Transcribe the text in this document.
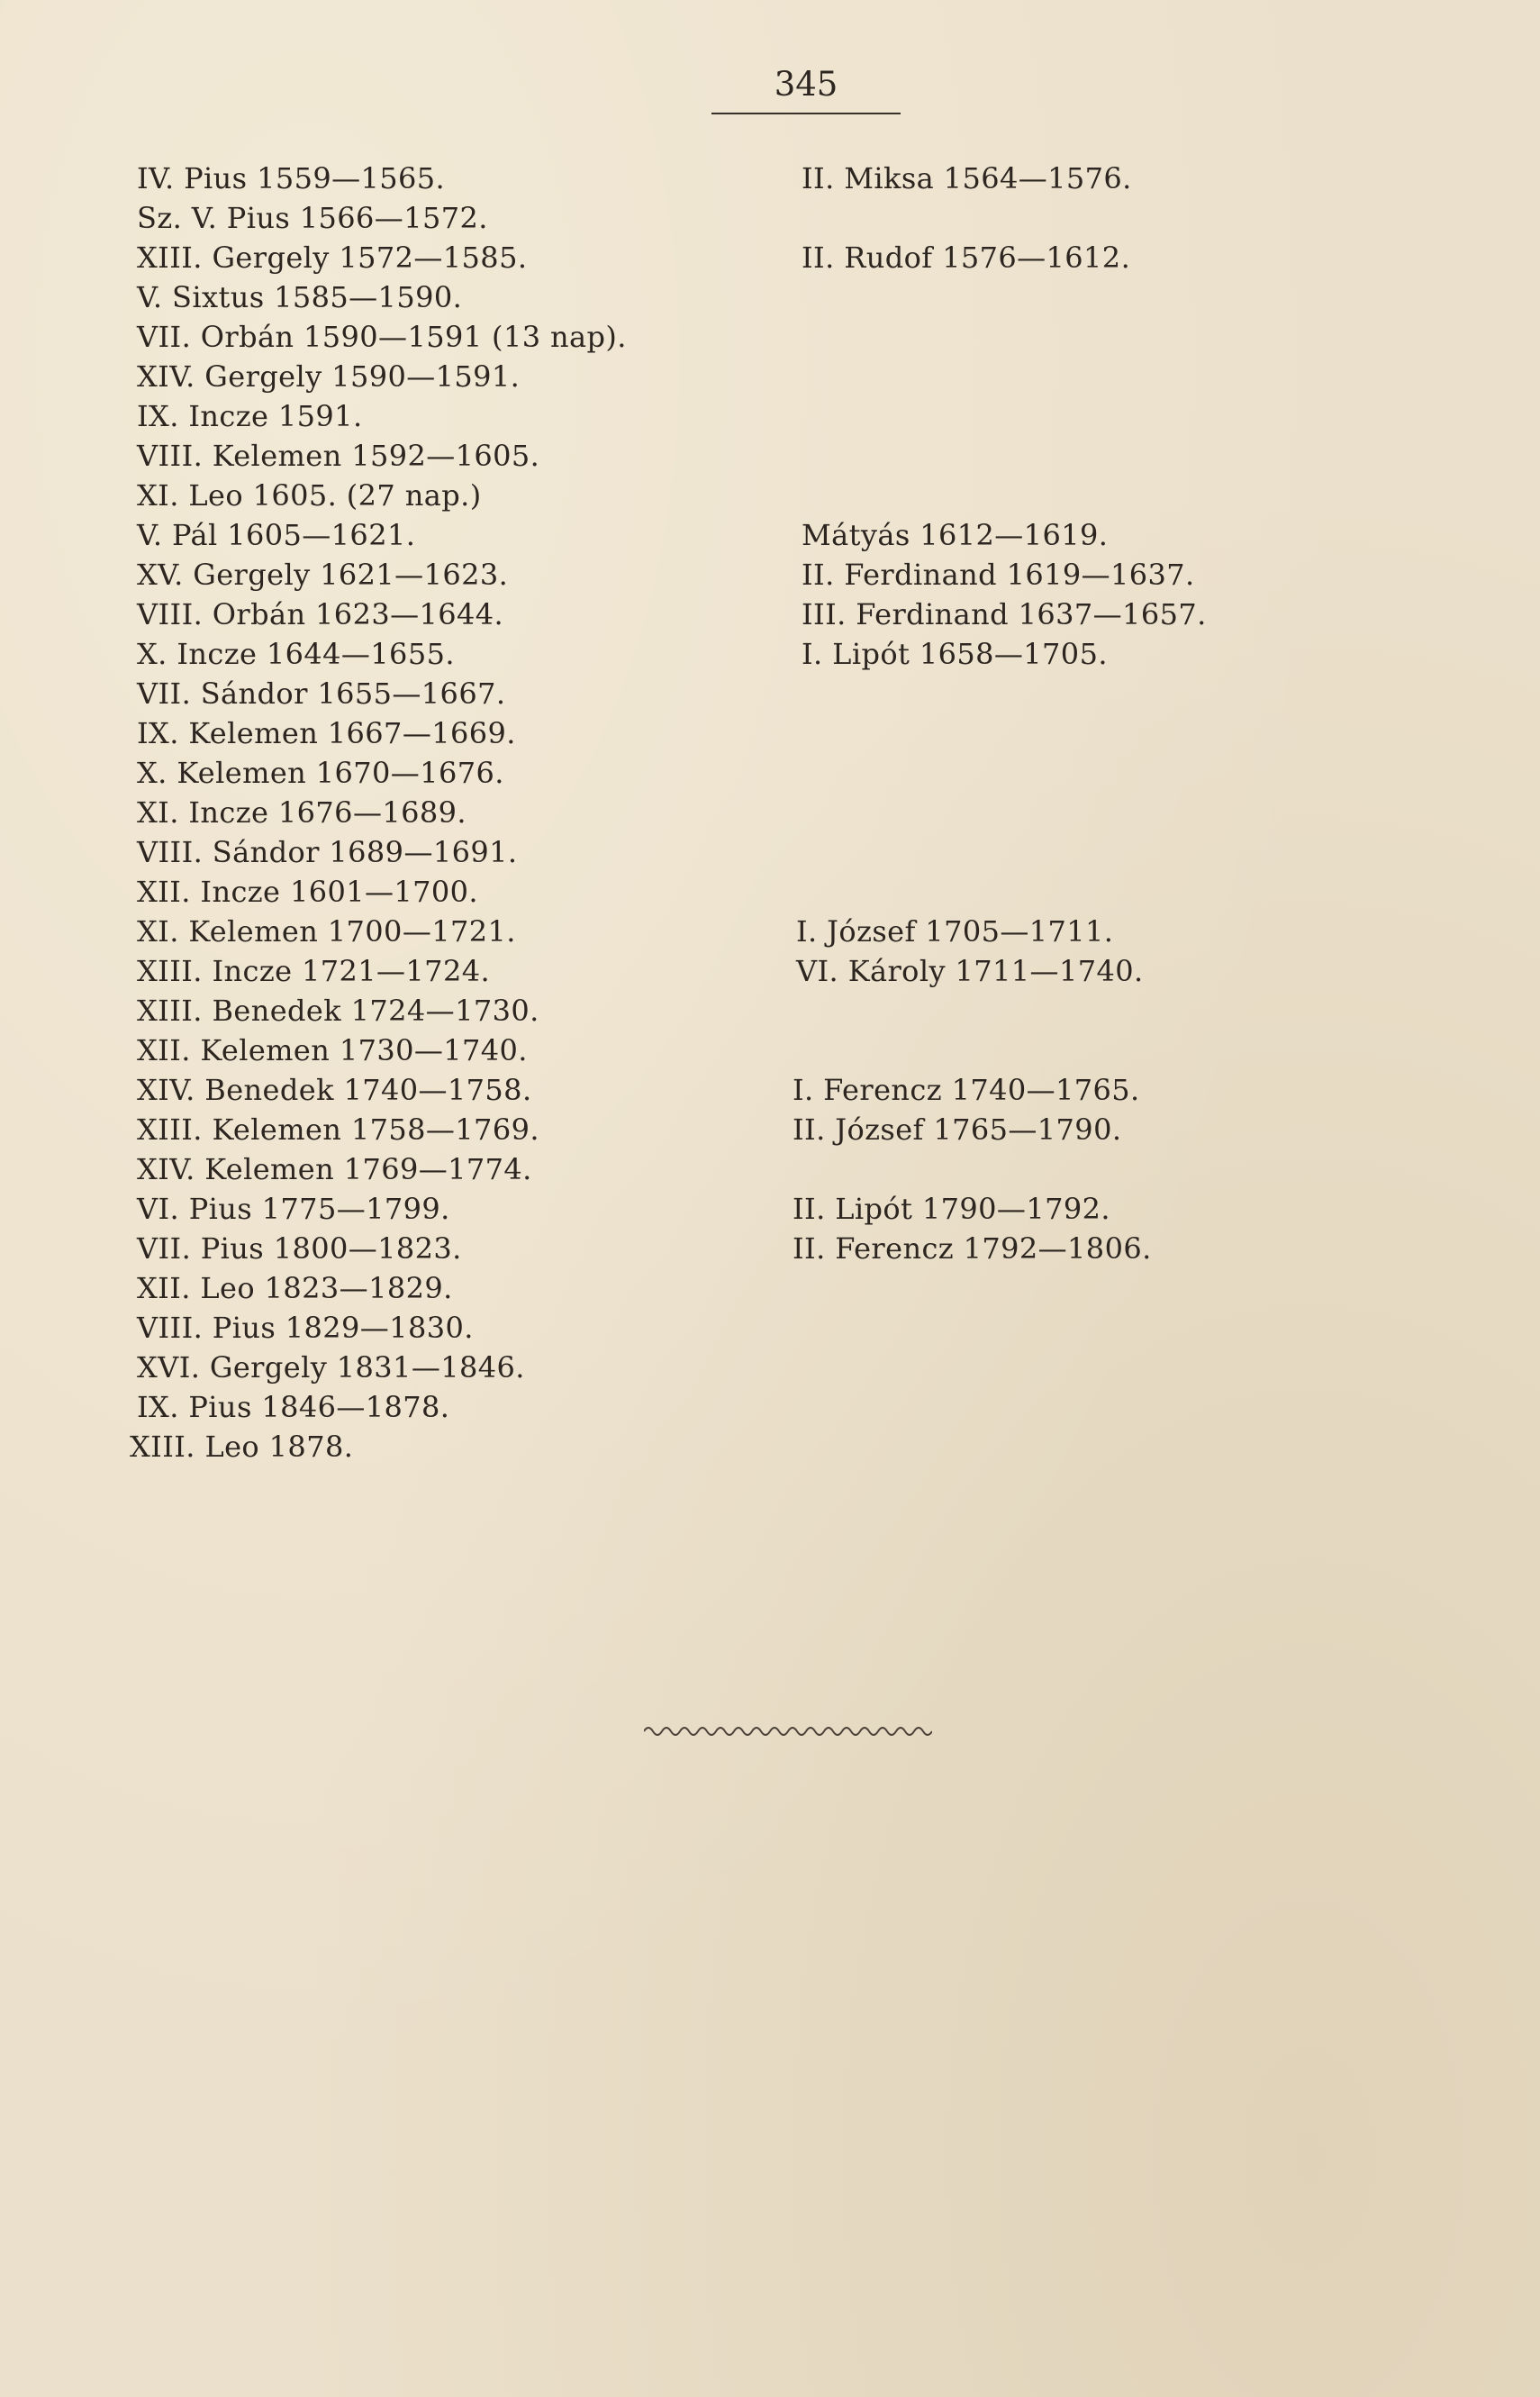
345
IV. Pius 1559—1565.
Sz. V. Pius 1566—1572.
XIII. Gergely 1572—1585.
V. Sixtus 1585—1590.
VII. Orbán 1590—1591 (13 nap).
XIV. Gergely 1590—1591.
IX. Incze 1591.
VIII. Kelemen 1592—1605.
XI. Leo 1605. (27 nap.)
V. Pál 1605—1621.
XV. Gergely 1621—1623.
VIII. Orbán 1623—1644.
X. Incze 1644—1655.
VII. Sándor 1655—1667.
IX. Kelemen 1667—1669.
X. Kelemen 1670—1676.
XI. Incze 1676—1689.
VIII. Sándor 1689—1691.
XII. Incze 1601—1700.
XI. Kelemen 1700—1721.
XIII. Incze 1721—1724.
XIII. Benedek 1724—1730.
XII. Kelemen 1730—1740.
XIV. Benedek 1740—1758.
XIII. Kelemen 1758—1769.
XIV. Kelemen 1769—1774.
VI. Pius 1775—1799.
VII. Pius 1800—1823.
XII. Leo 1823—1829.
VIII. Pius 1829—1830.
XVI. Gergely 1831—1846.
IX. Pius 1846—1878.
XIII. Leo 1878.
II. Miksa 1564—1576.
II. Rudof 1576—1612.
Mátyás 1612—1619.
II. Ferdinand 1619—1637.
III. Ferdinand 1637—1657.
I. Lipót 1658—1705.
I. József 1705—1711.
VI. Károly 1711—1740.
I. Ferencz 1740—1765.
II. József 1765—1790.
II. Lipót 1790—1792.
II. Ferencz 1792—1806.
